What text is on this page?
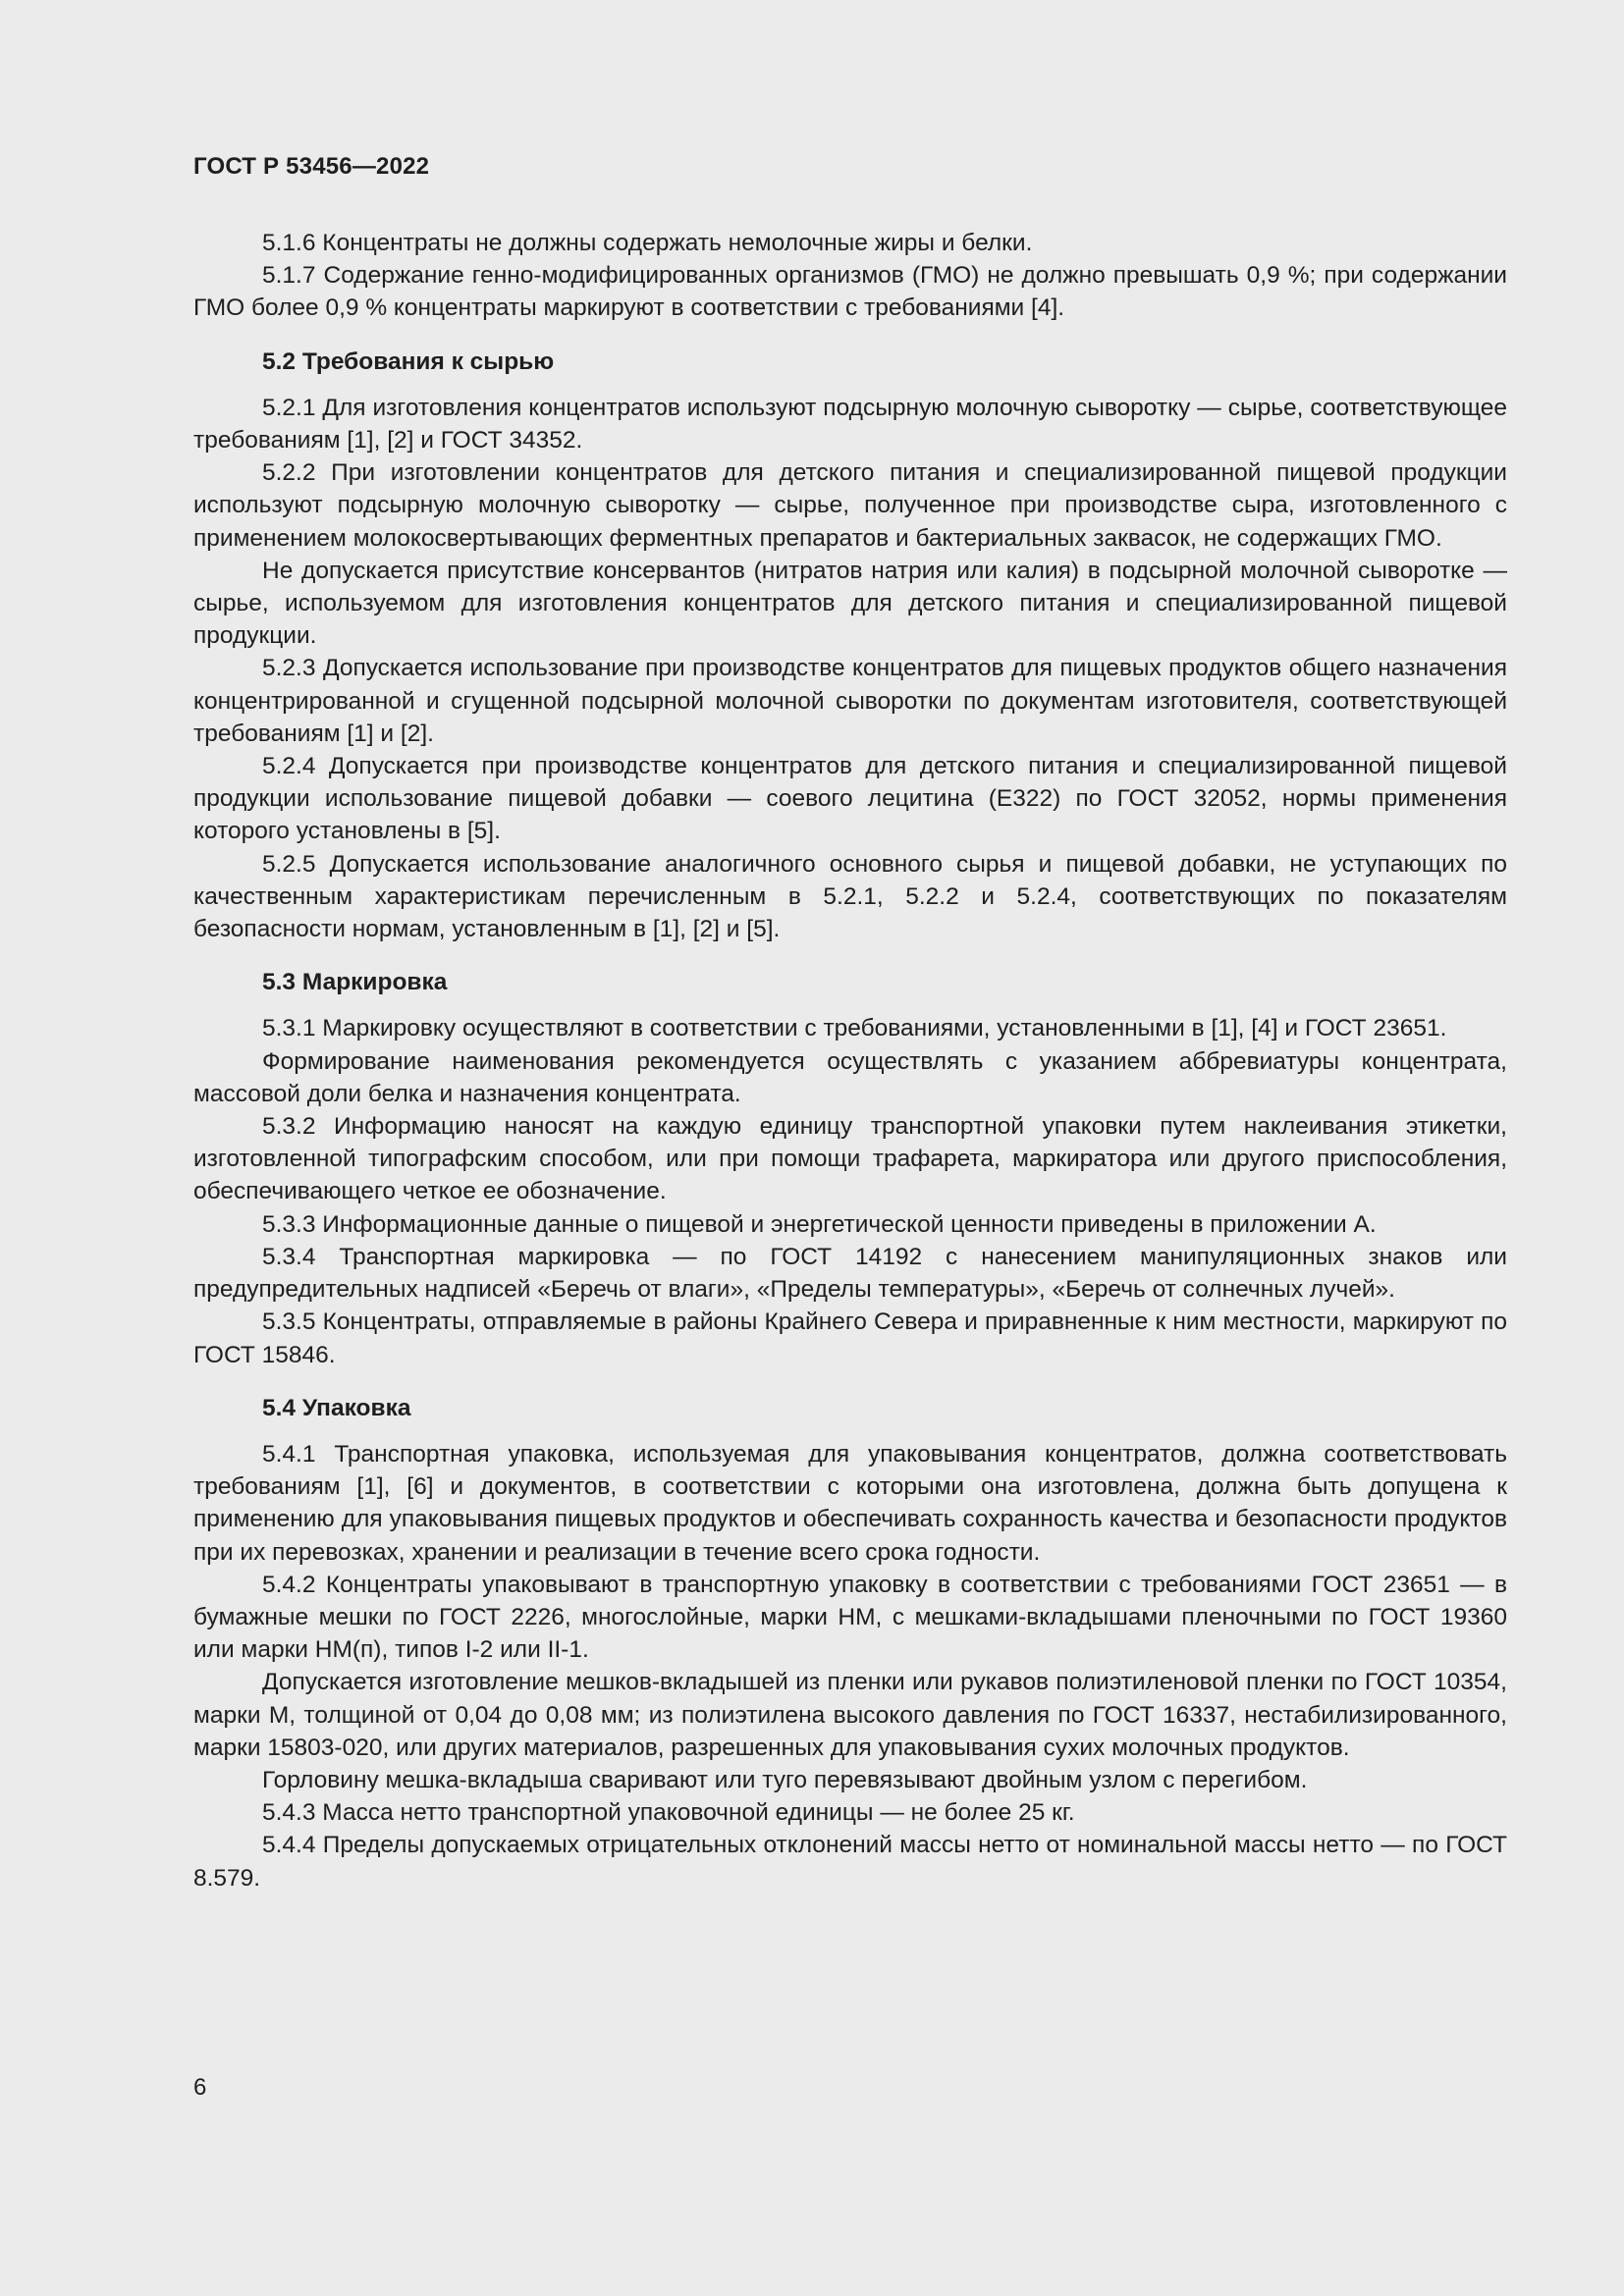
ГОСТ Р 53456—2022

5.1.6 Концентраты не должны содержать немолочные жиры и белки.

5.1.7 Содержание генно-модифицированных организмов (ГМО) не должно превышать 0,9 %; при содержании ГМО более 0,9 % концентраты маркируют в соответствии с требованиями [4].

5.2 Требования к сырью

5.2.1 Для изготовления концентратов используют подсырную молочную сыворотку — сырье, соответствующее требованиям [1], [2] и ГОСТ 34352.

5.2.2 При изготовлении концентратов для детского питания и специализированной пищевой продукции используют подсырную молочную сыворотку — сырье, полученное при производстве сыра, изготовленного с применением молокосвертывающих ферментных препаратов и бактериальных заквасок, не содержащих ГМО.

Не допускается присутствие консервантов (нитратов натрия или калия) в подсырной молочной сыворотке — сырье, используемом для изготовления концентратов для детского питания и специализированной пищевой продукции.

5.2.3 Допускается использование при производстве концентратов для пищевых продуктов общего назначения концентрированной и сгущенной подсырной молочной сыворотки по документам изготовителя, соответствующей требованиям [1] и [2].

5.2.4 Допускается при производстве концентратов для детского питания и специализированной пищевой продукции использование пищевой добавки — соевого лецитина (Е322) по ГОСТ 32052, нормы применения которого установлены в [5].

5.2.5 Допускается использование аналогичного основного сырья и пищевой добавки, не уступающих по качественным характеристикам перечисленным в 5.2.1, 5.2.2 и 5.2.4, соответствующих по показателям безопасности нормам, установленным в [1], [2] и [5].

5.3 Маркировка

5.3.1 Маркировку осуществляют в соответствии с требованиями, установленными в [1], [4] и ГОСТ 23651.

Формирование наименования рекомендуется осуществлять с указанием аббревиатуры концентрата, массовой доли белка и назначения концентрата.

5.3.2 Информацию наносят на каждую единицу транспортной упаковки путем наклеивания этикетки, изготовленной типографским способом, или при помощи трафарета, маркиратора или другого приспособления, обеспечивающего четкое ее обозначение.

5.3.3 Информационные данные о пищевой и энергетической ценности приведены в приложении А.

5.3.4 Транспортная маркировка — по ГОСТ 14192 с нанесением манипуляционных знаков или предупредительных надписей «Беречь от влаги», «Пределы температуры», «Беречь от солнечных лучей».

5.3.5 Концентраты, отправляемые в районы Крайнего Севера и приравненные к ним местности, маркируют по ГОСТ 15846.

5.4 Упаковка

5.4.1 Транспортная упаковка, используемая для упаковывания концентратов, должна соответствовать требованиям [1], [6] и документов, в соответствии с которыми она изготовлена, должна быть допущена к применению для упаковывания пищевых продуктов и обеспечивать сохранность качества и безопасности продуктов при их перевозках, хранении и реализации в течение всего срока годности.

5.4.2 Концентраты упаковывают в транспортную упаковку в соответствии с требованиями ГОСТ 23651 — в бумажные мешки по ГОСТ 2226, многослойные, марки НМ, с мешками-вкладышами пленочными по ГОСТ 19360 или марки НМ(п), типов I-2 или II-1.

Допускается изготовление мешков-вкладышей из пленки или рукавов полиэтиленовой пленки по ГОСТ 10354, марки М, толщиной от 0,04 до 0,08 мм; из полиэтилена высокого давления по ГОСТ 16337, нестабилизированного, марки 15803-020, или других материалов, разрешенных для упаковывания сухих молочных продуктов.

Горловину мешка-вкладыша сваривают или туго перевязывают двойным узлом с перегибом.

5.4.3 Масса нетто транспортной упаковочной единицы — не более 25 кг.

5.4.4 Пределы допускаемых отрицательных отклонений массы нетто от номинальной массы нетто — по ГОСТ 8.579.

6
